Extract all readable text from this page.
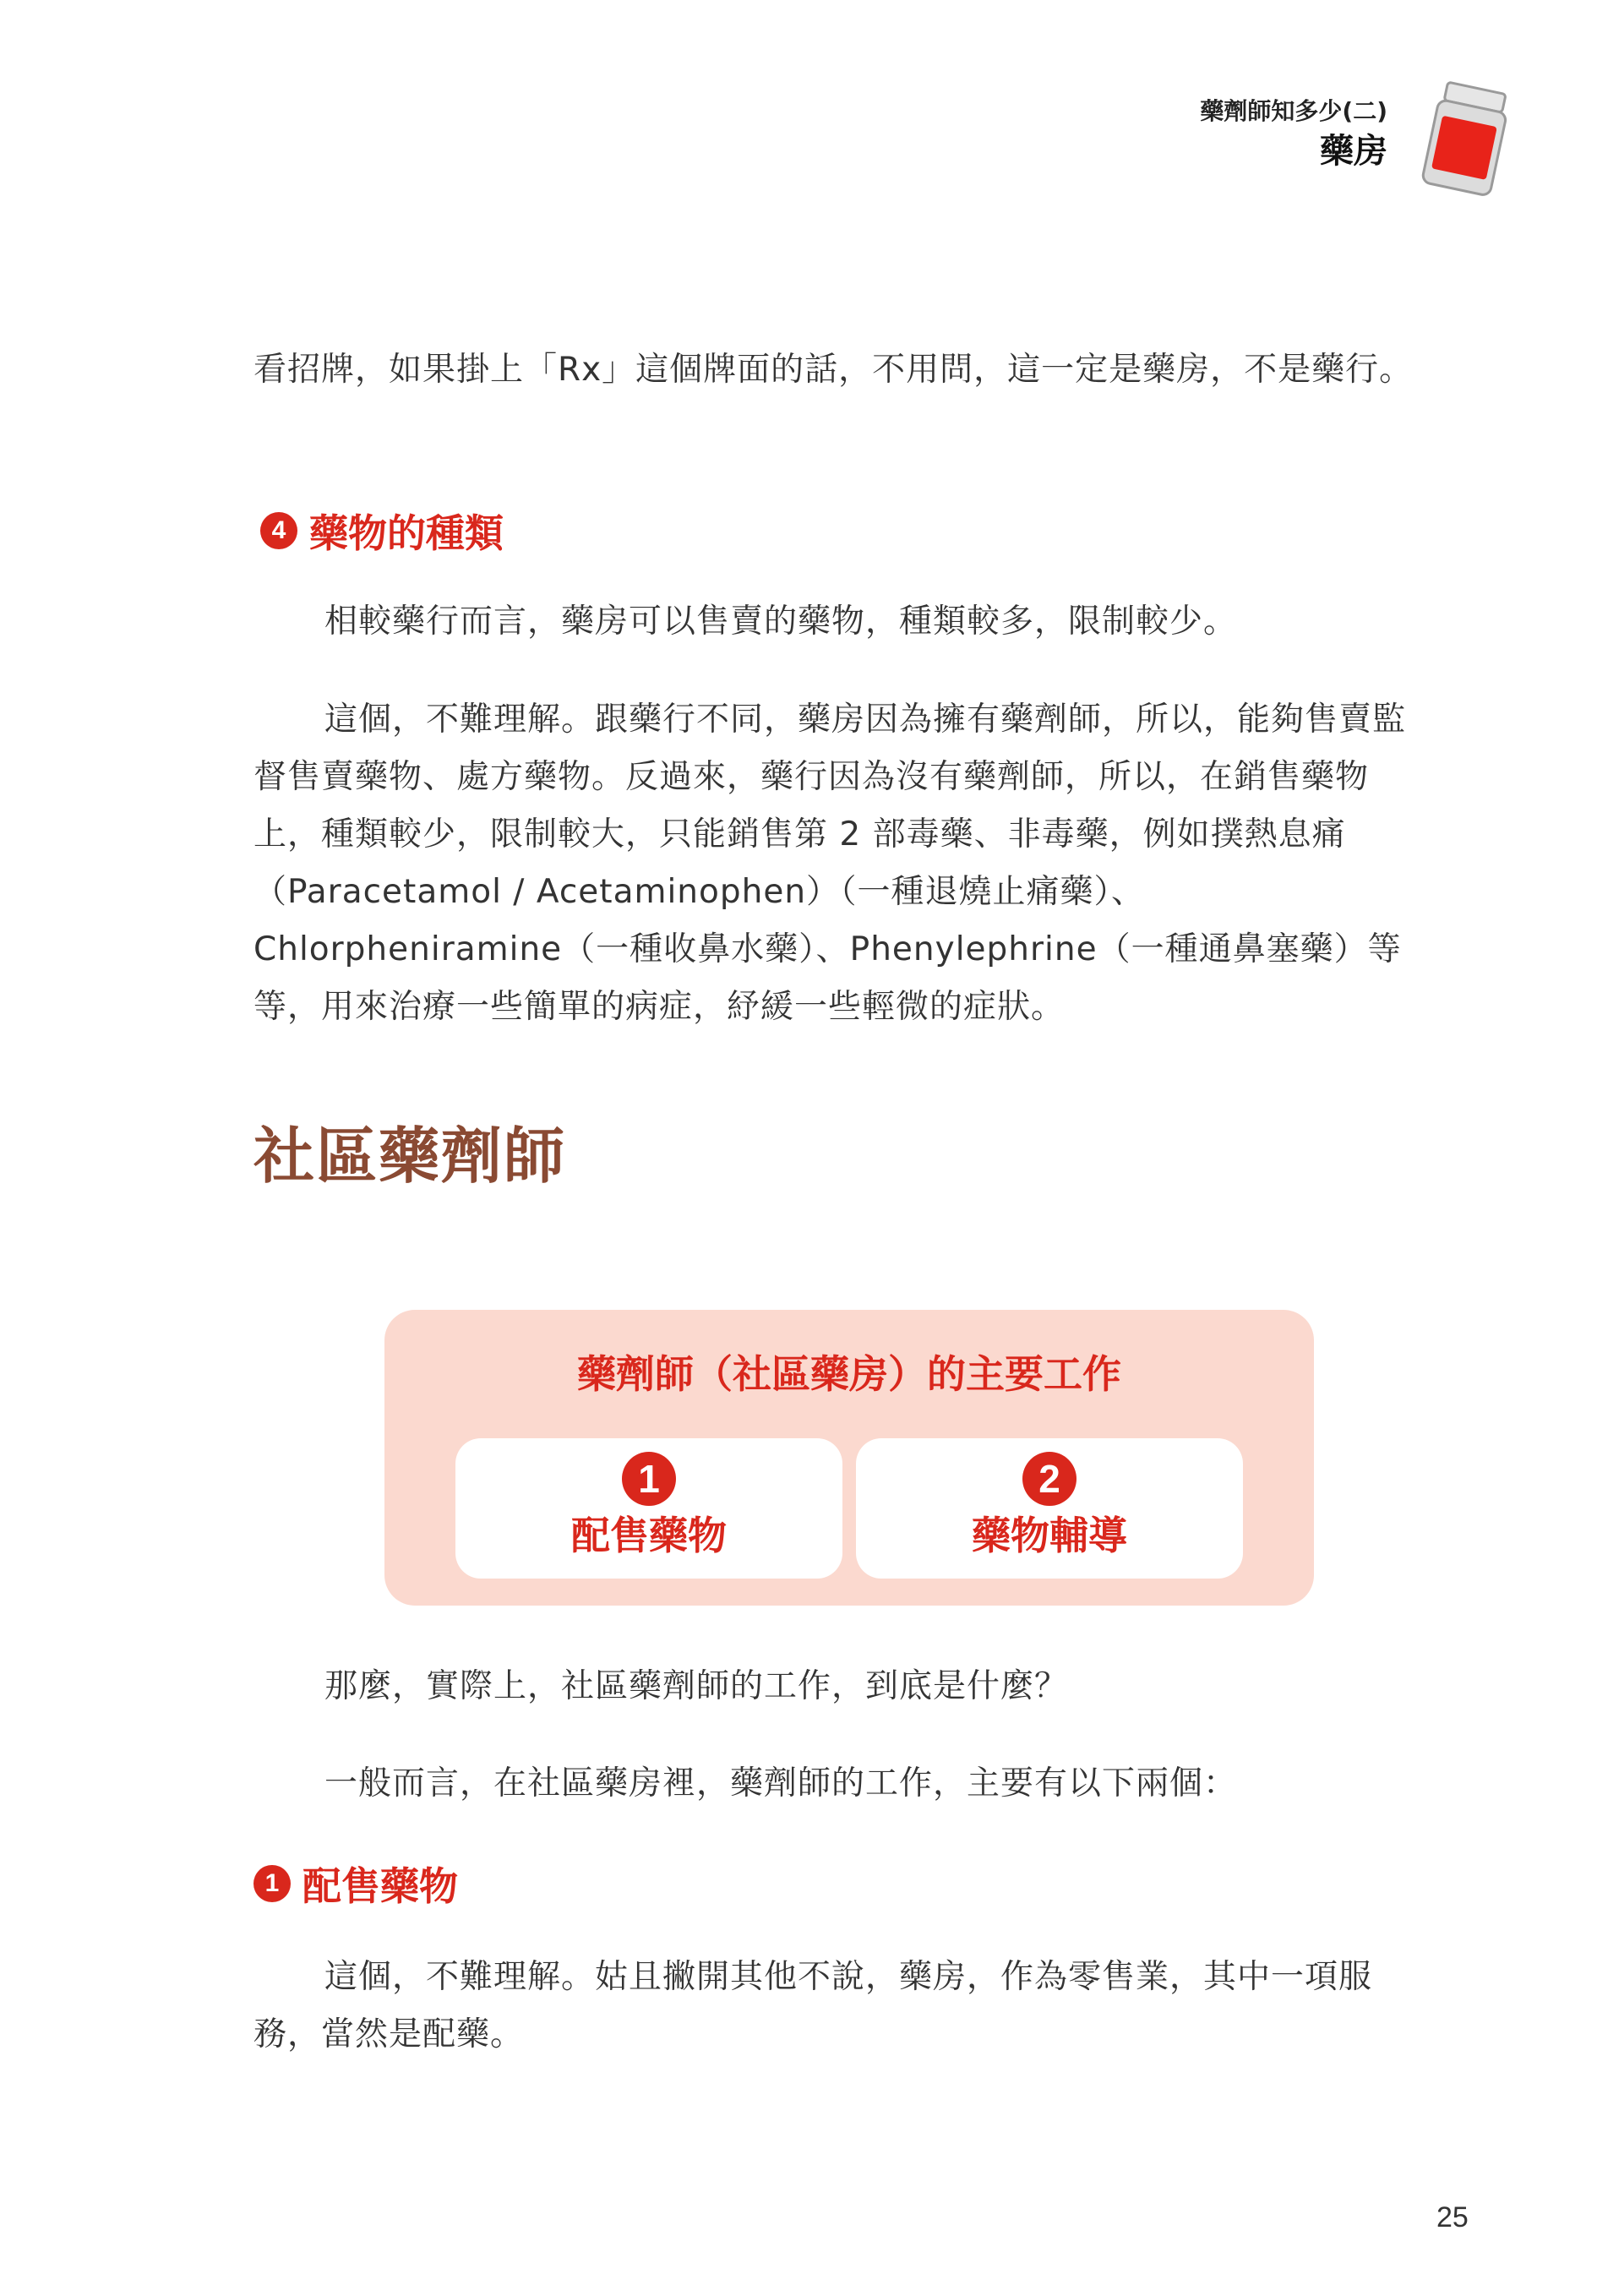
藥劑師知多少(二)
藥房

看招牌，如果掛上「Rx」這個牌面的話，不用問，這一定是藥房，不是藥行。

4 藥物的種類

相較藥行而言，藥房可以售賣的藥物，種類較多，限制較少。

這個，不難理解。跟藥行不同，藥房因為擁有藥劑師，所以，能夠售賣監督售賣藥物、處方藥物。反過來，藥行因為沒有藥劑師，所以，在銷售藥物上，種類較少，限制較大，只能銷售第 2 部毒藥、非毒藥，例如撲熱息痛（Paracetamol / Acetaminophen）（一種退燒止痛藥）、Chlorpheniramine（一種收鼻水藥）、Phenylephrine（一種通鼻塞藥）等等，用來治療一些簡單的病症，紓緩一些輕微的症狀。

社區藥劑師
藥劑師（社區藥房）的主要工作
1
配售藥物
2
藥物輔導

那麼，實際上，社區藥劑師的工作，到底是什麼？

一般而言，在社區藥房裡，藥劑師的工作，主要有以下兩個：

1 配售藥物

這個，不難理解。姑且撇開其他不說，藥房，作為零售業，其中一項服務，當然是配藥。

25
